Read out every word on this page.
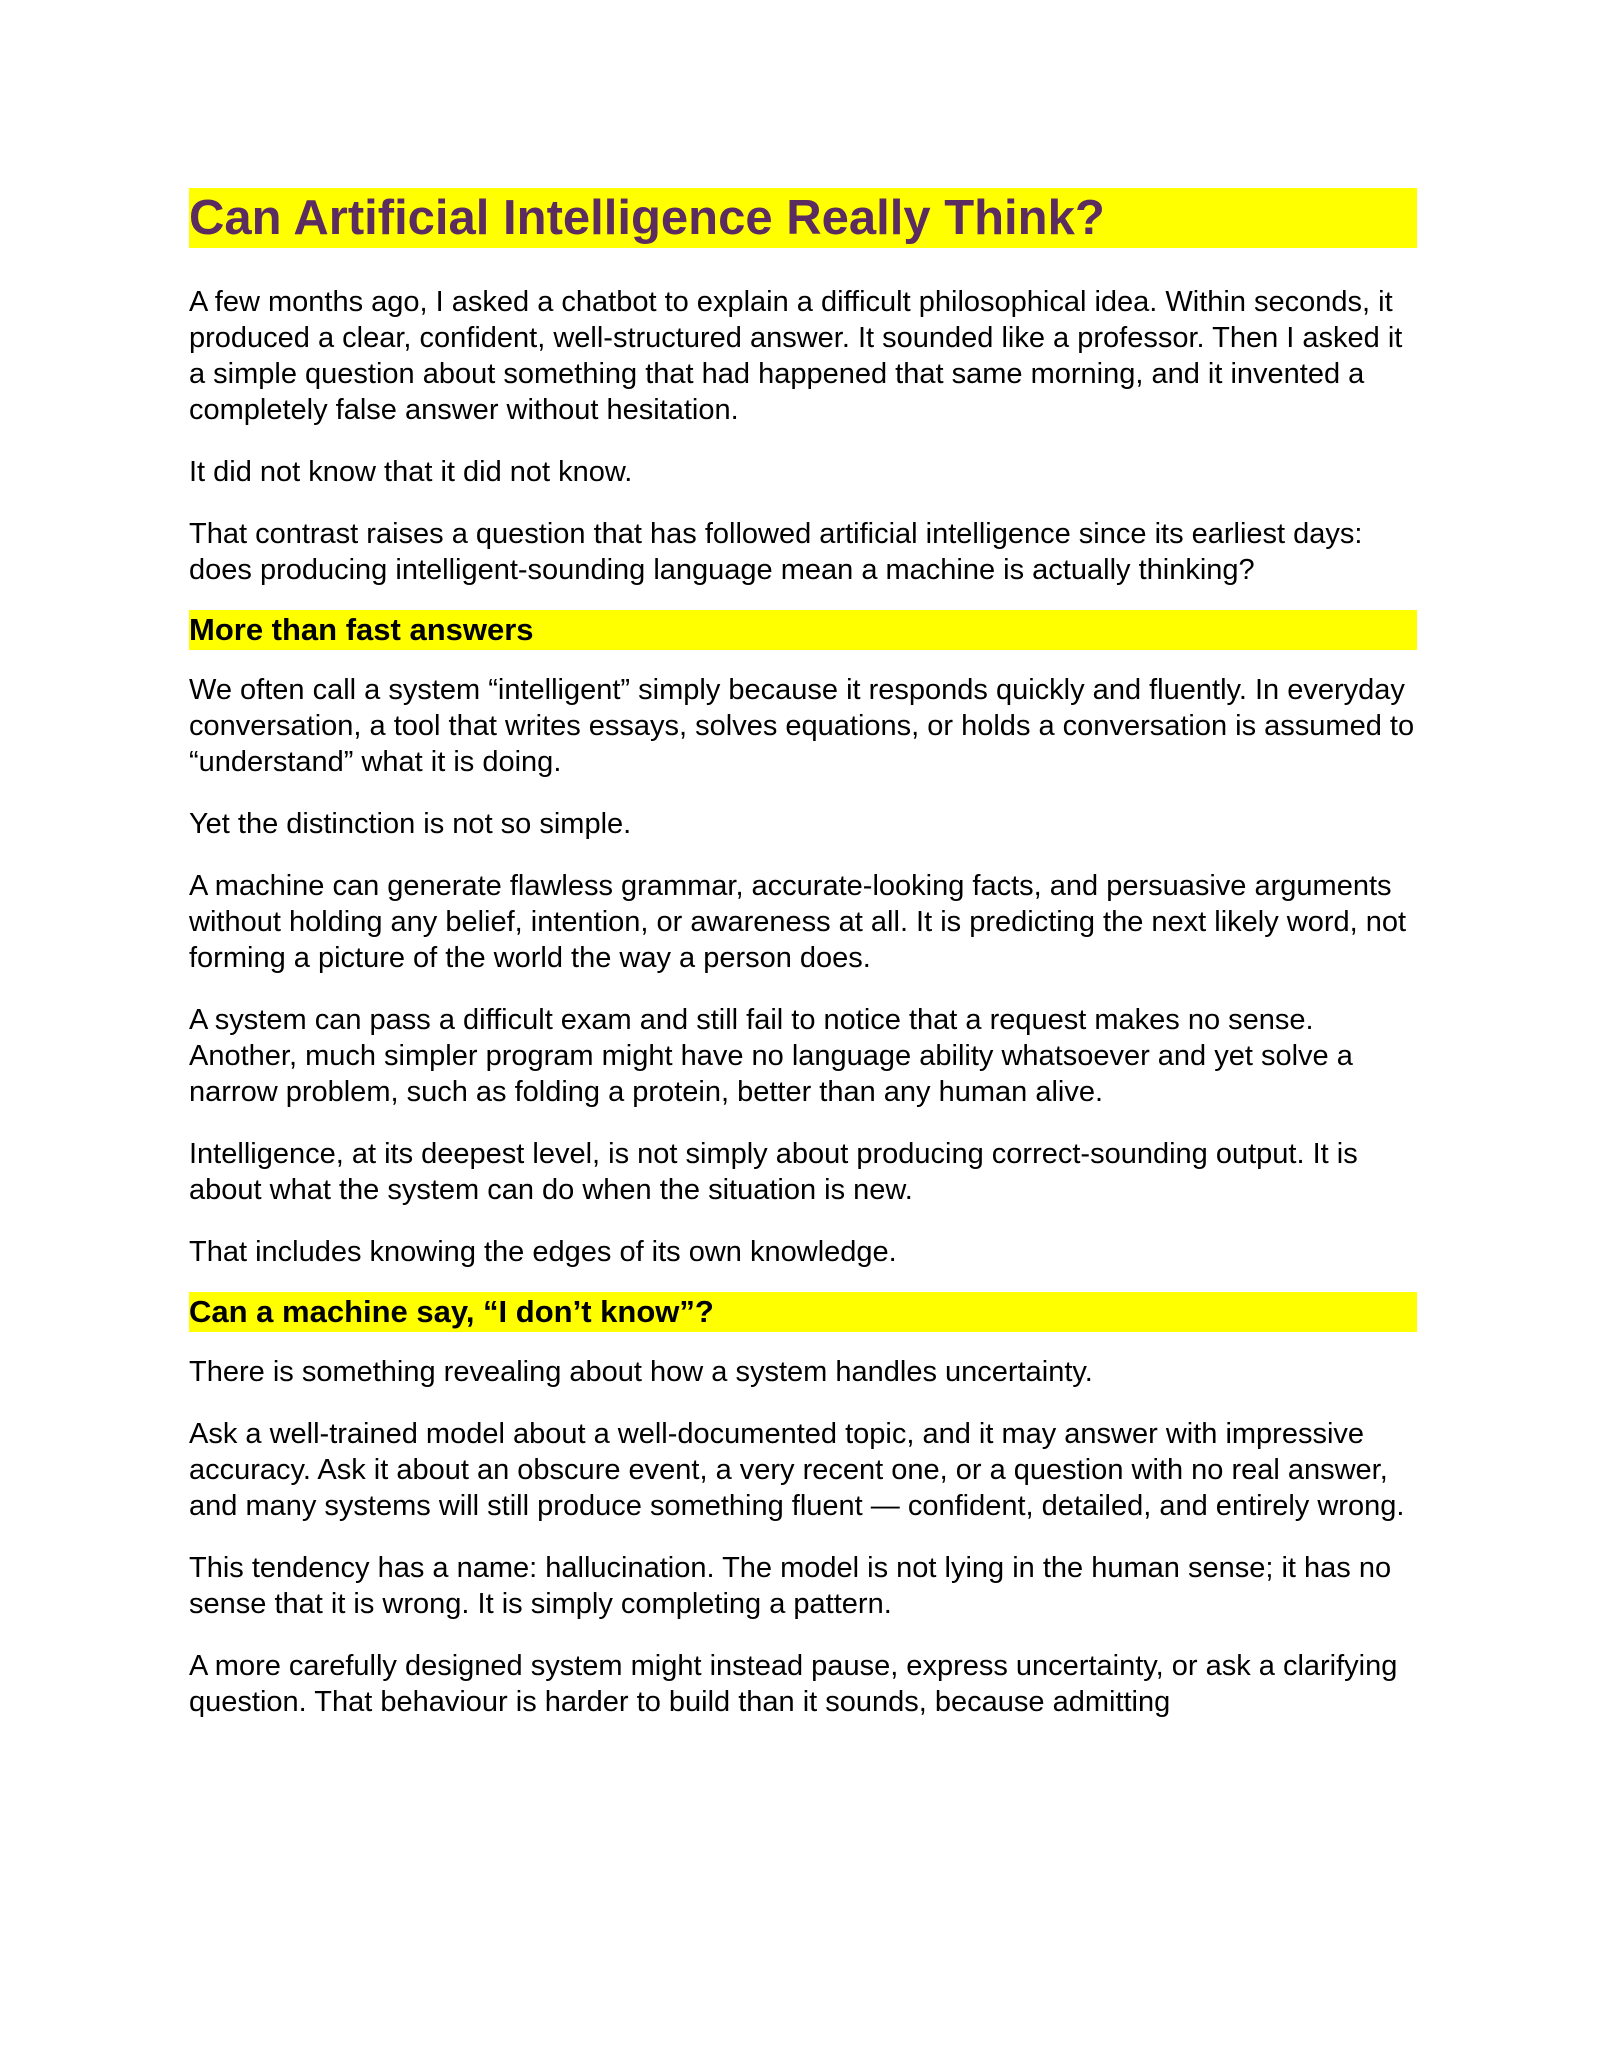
Can Artificial Intelligence Really Think?

A few months ago, I asked a chatbot to explain a difficult philosophical idea. Within seconds, it produced a clear, confident, well-structured answer. It sounded like a professor. Then I asked it a simple question about something that had happened that same morning, and it invented a completely false answer without hesitation.

It did not know that it did not know.

That contrast raises a question that has followed artificial intelligence since its earliest days: does producing intelligent-sounding language mean a machine is actually thinking?

More than fast answers

We often call a system “intelligent” simply because it responds quickly and fluently. In everyday conversation, a tool that writes essays, solves equations, or holds a conversation is assumed to “understand” what it is doing.

Yet the distinction is not so simple.

A machine can generate flawless grammar, accurate-looking facts, and persuasive arguments without holding any belief, intention, or awareness at all. It is predicting the next likely word, not forming a picture of the world the way a person does.

A system can pass a difficult exam and still fail to notice that a request makes no sense. Another, much simpler program might have no language ability whatsoever and yet solve a narrow problem, such as folding a protein, better than any human alive.

Intelligence, at its deepest level, is not simply about producing correct-sounding output. It is about what the system can do when the situation is new.

That includes knowing the edges of its own knowledge.

Can a machine say, “I don’t know”?

There is something revealing about how a system handles uncertainty.

Ask a well-trained model about a well-documented topic, and it may answer with impressive accuracy. Ask it about an obscure event, a very recent one, or a question with no real answer, and many systems will still produce something fluent — confident, detailed, and entirely wrong.

This tendency has a name: hallucination. The model is not lying in the human sense; it has no sense that it is wrong. It is simply completing a pattern.

A more carefully designed system might instead pause, express uncertainty, or ask a clarifying question. That behaviour is harder to build than it sounds, because admitting
